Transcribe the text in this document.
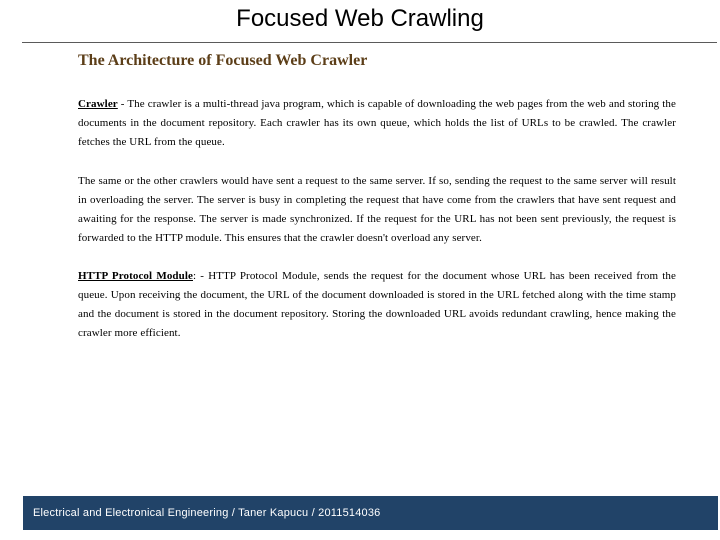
Focused Web Crawling
The Architecture of Focused Web Crawler
Crawler - The crawler is a multi-thread java program, which is capable of downloading the web pages from the web and storing the documents in the document repository. Each crawler has its own queue, which holds the list of URLs to be crawled. The crawler fetches the URL from the queue.
The same or the other crawlers would have sent a request to the same server. If so, sending the request to the same server will result in overloading the server. The server is busy in completing the request that have come from the crawlers that have sent request and awaiting for the response. The server is made synchronized. If the request for the URL has not been sent previously, the request is forwarded to the HTTP module. This ensures that the crawler doesn't overload any server.
HTTP Protocol Module: - HTTP Protocol Module, sends the request for the document whose URL has been received from the queue. Upon receiving the document, the URL of the document downloaded is stored in the URL fetched along with the time stamp and the document is stored in the document repository. Storing the downloaded URL avoids redundant crawling, hence making the crawler more efficient.
Electrical and Electronical Engineering / Taner Kapucu / 2011514036
